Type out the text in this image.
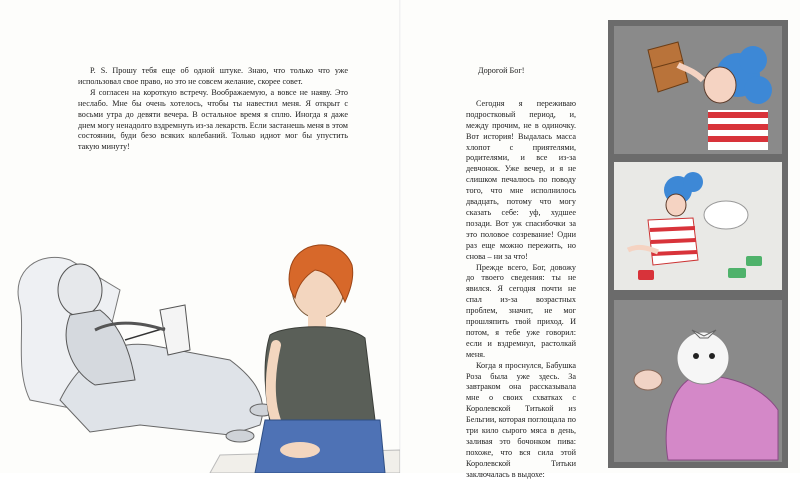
P. S. Прошу тебя еще об одной штуке. Знаю, что только что уже использовал свое право, но это не совсем желание, скорее совет.

Я согласен на короткую встречу. Воображаемую, а вовсе не наяву. Это неслабо. Мне бы очень хотелось, чтобы ты навестил меня. Я открыт с восьми утра до девяти вечера. В остальное время я сплю. Иногда я даже днем могу ненадолго вздремнуть из-за лекарств. Если застанешь меня в этом состоянии, буди безо всяких колебаний. Только идиот мог бы упустить такую минуту!

Дорогой Бог!

Сегодня я переживаю подростковый период, и, между прочим, не в одиночку. Вот история! Выдалась масса хлопот с приятелями, родителями, и все из-за девчонок. Уже вечер, и я не слишком печалюсь по поводу того, что мне исполнилось двадцать, потому что могу сказать себе: уф, худшее позади. Вот уж спасибочки за это половое созревание! Одни раз еще можно пережить, но снова – ни за что!

Прежде всего, Бог, довожу до твоего сведения: ты не явился. Я сегодня почти не спал из-за возрастных проблем, значит, не мог прошляпить твой приход. И потом, я тебе уже говорил: если и вздремнул, растолкай меня.

Когда я проснулся, Бабушка Роза была уже здесь. За завтраком она рассказывала мне о своих схватках с Королевской Титькой из Бельгии, которая поглощала по три кило сырого мяса в день, заливая это бочонком пива: похоже, что вся сила этой Королевской Титьки заключалась в выдохе:
